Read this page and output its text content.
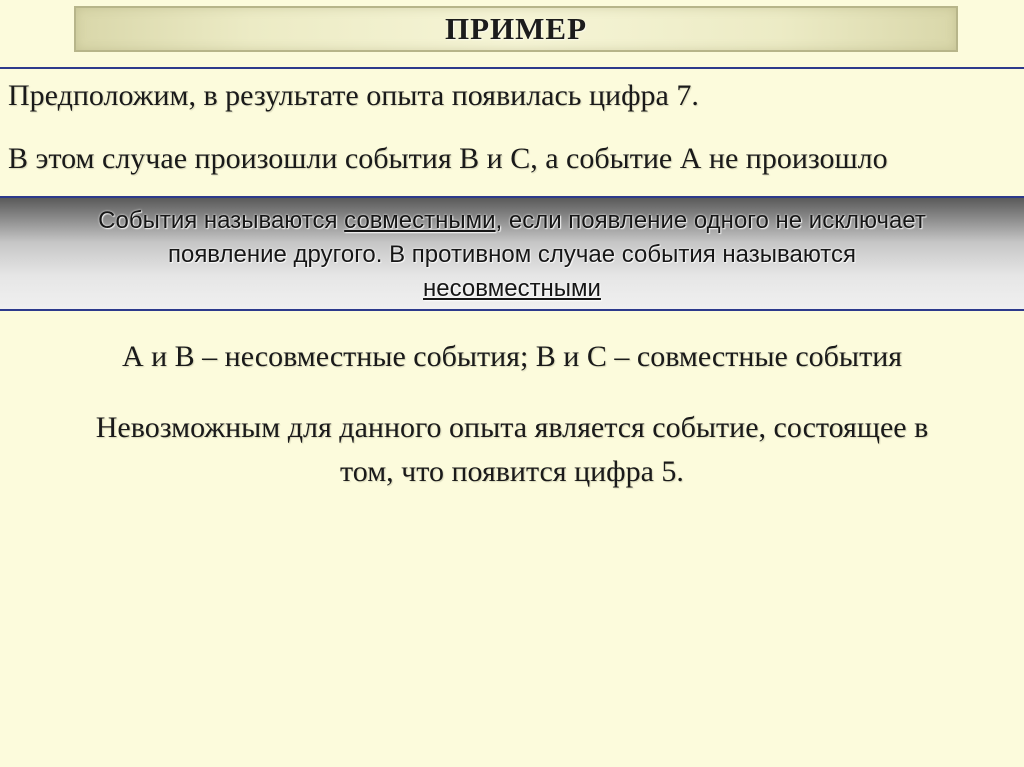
ПРИМЕР
Предположим, в результате опыта появилась цифра 7.
В этом случае произошли события В и С, а событие А не произошло
События называются совместными, если появление одного не исключает
появление другого. В противном случае события называются
несовместными
А и В – несовместные события; В и С – совместные события
Невозможным для данного опыта является событие, состоящее в
том, что появится цифра 5.
